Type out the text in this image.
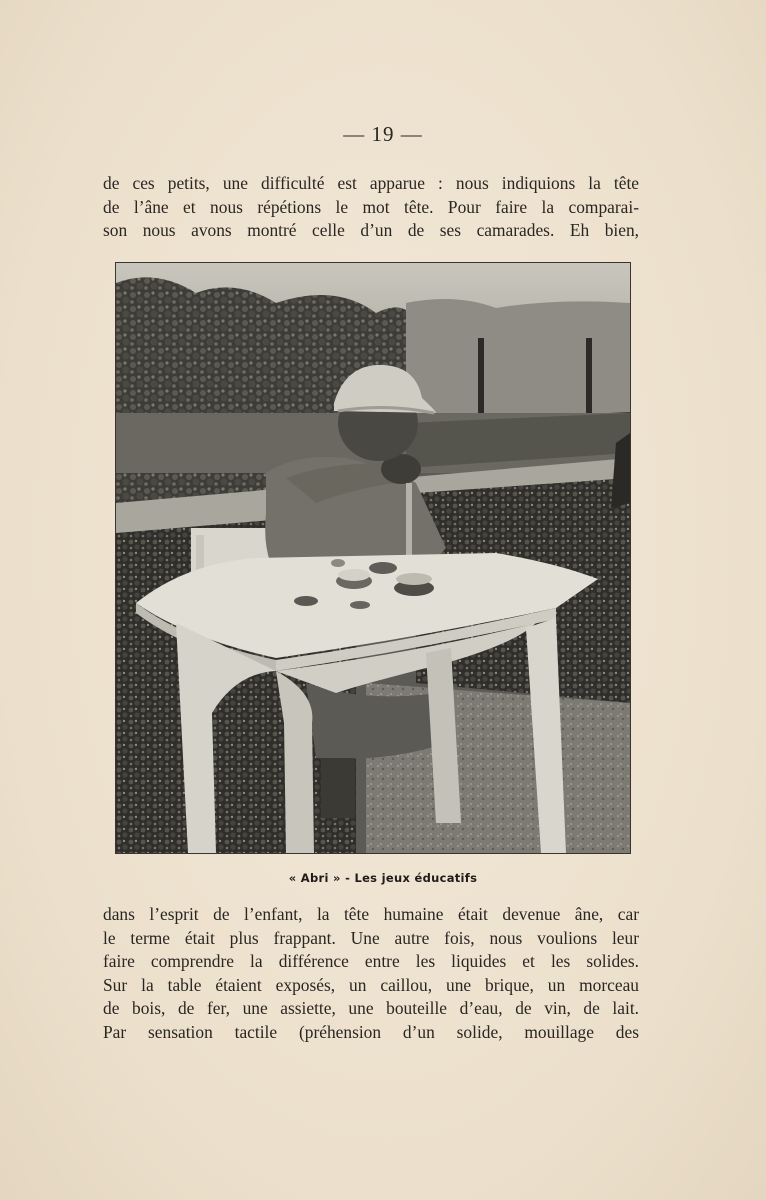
— 19 —
de ces petits, une difficulté est apparue : nous indiquions la tête
de l’âne et nous répétions le mot tête. Pour faire la comparai-
son nous avons montré celle d’un de ses camarades. Eh bien,
« Abri » - Les jeux éducatifs
dans l’esprit de l’enfant, la tête humaine était devenue âne, car
le terme était plus frappant. Une autre fois, nous voulions leur
faire comprendre la différence entre les liquides et les solides.
Sur la table étaient exposés, un caillou, une brique, un morceau
de bois, de fer, une assiette, une bouteille d’eau, de vin, de lait.
Par sensation tactile (préhension d’un solide, mouillage des
